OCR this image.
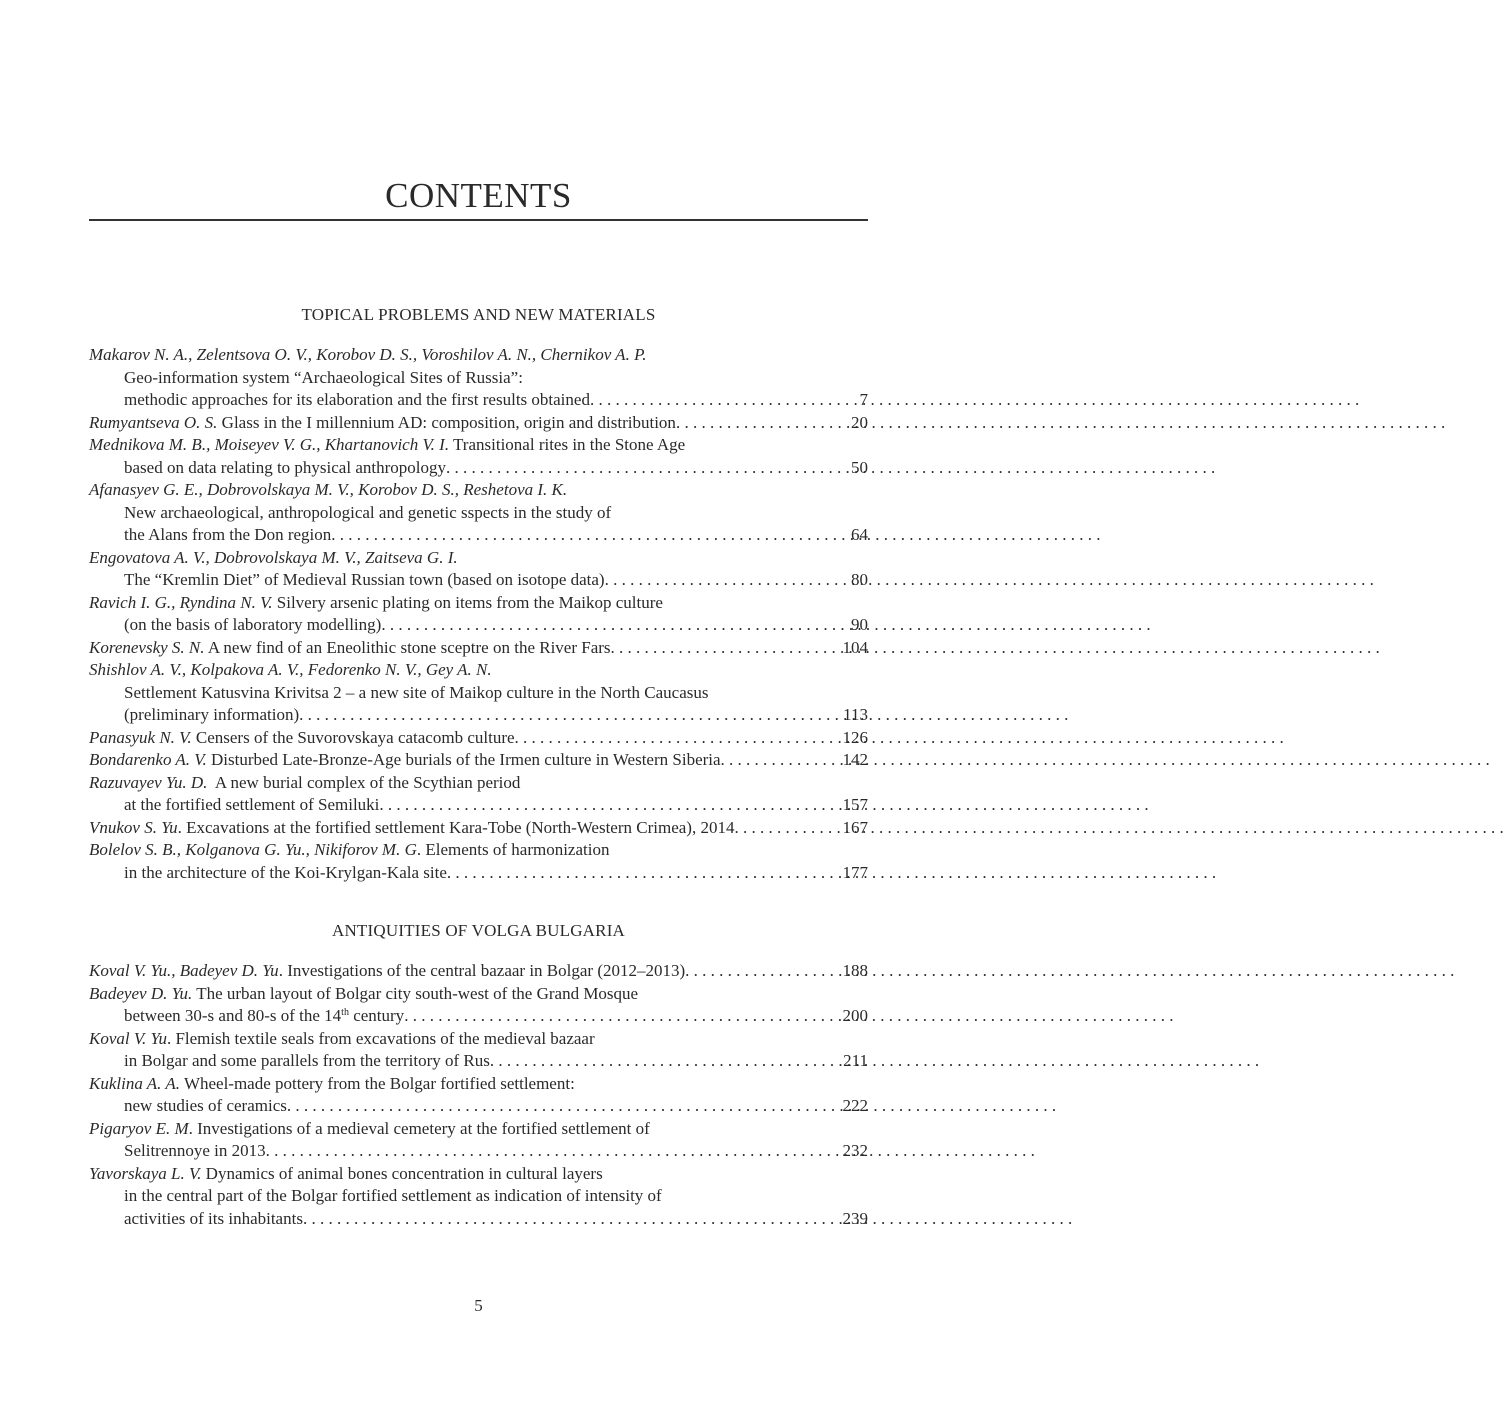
CONTENTS
TOPICAL PROBLEMS AND NEW MATERIALS
Makarov N. A., Zelentsova O. V., Korobov D. S., Voroshilov A. N., Chernikov A. P.
Geo-information system “Archaeological Sites of Russia”:
methodic approaches for its elaboration and the first results obtained . . .	7
Rumyantseva O. S. Glass in the I millennium AD: composition, origin and distribution . . .	20
Mednikova M. B., Moiseyev V. G., Khartanovich V. I. Transitional rites in the Stone Age
based on data relating to physical anthropology . . .	50
Afanasyev G. E., Dobrovolskaya M. V., Korobov D. S., Reshetova I. K.
New archaeological, anthropological and genetic sspects in the study of
the Alans from the Don region . . .	64
Engovatova A. V., Dobrovolskaya M. V., Zaitseva G. I.
The “Kremlin Diet” of Medieval Russian town (based on isotope data) . . .	80
Ravich I. G., Ryndina N. V. Silvery arsenic plating on items from the Maikop culture
(on the basis of laboratory modelling) . . .	90
Korenevsky S. N. A new find of an Eneolithic stone sceptre on the River Fars . . .	104
Shishlov A. V., Kolpakova A. V., Fedorenko N. V., Gey A. N.
Settlement Katusvina Krivitsa 2 – a new site of Maikop culture in the North Caucasus
(preliminary information) . . .	113
Panasyuk N. V. Censers of the Suvorovskaya catacomb culture . . .	126
Bondarenko A. V. Disturbed Late-Bronze-Age burials of the Irmen culture in Western Siberia . . .	142
Razuvayev Yu. D.  A new burial complex of the Scythian period
at the fortified settlement of Semiluki . . .	157
Vnukov S. Yu. Excavations at the fortified settlement Kara-Tobe (North-Western Crimea), 2014 . . .	167
Bolelov S. B., Kolganova G. Yu., Nikiforov M. G. Elements of harmonization
in the architecture of the Koi-Krylgan-Kala site . . .	177
ANTIQUITIES OF VOLGA BULGARIA
Koval V. Yu., Badeyev D. Yu. Investigations of the central bazaar in Bolgar (2012–2013) . . .	188
Badeyev D. Yu. The urban layout of Bolgar city south-west of the Grand Mosque
between 30-s and 80-s of the 14th century . . .	200
Koval V. Yu. Flemish textile seals from excavations of the medieval bazaar
in Bolgar and some parallels from the territory of Rus . . .	211
Kuklina A. A. Wheel-made pottery from the Bolgar fortified settlement:
new studies of ceramics . . .	222
Pigaryov E. M. Investigations of a medieval cemetery at the fortified settlement of
Selitrennoye in 2013 . . .	232
Yavorskaya L. V. Dynamics of animal bones concentration in cultural layers
in the central part of the Bolgar fortified settlement as indication of intensity of
activities of its inhabitants . . .	239
5
